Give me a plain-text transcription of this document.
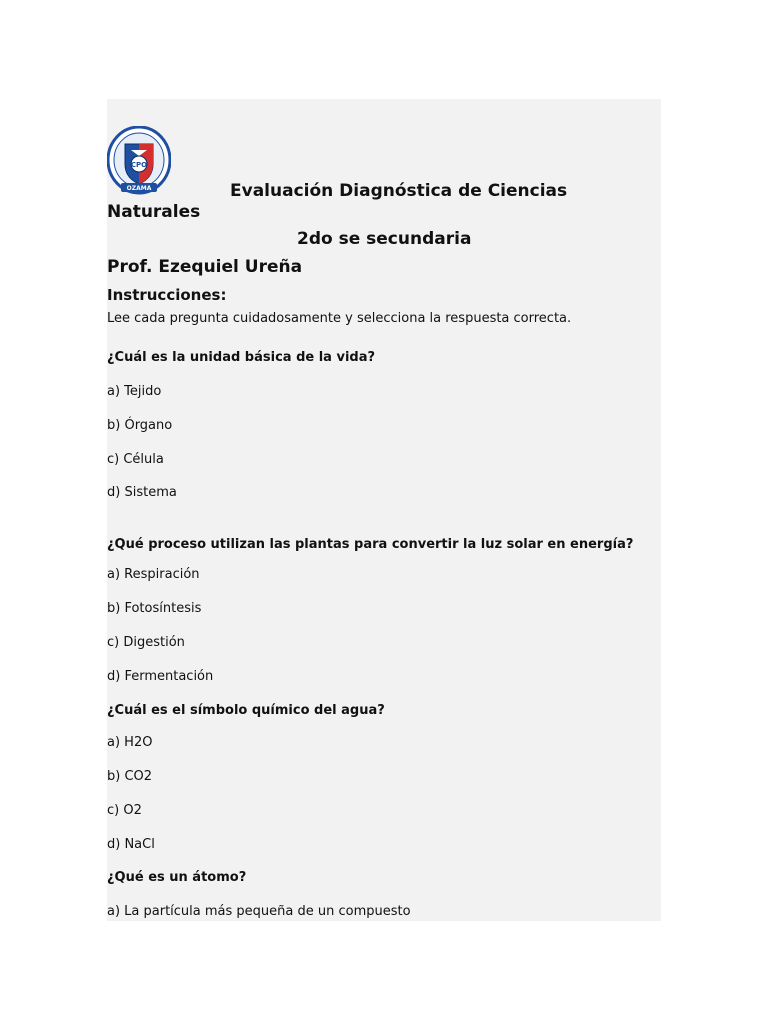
CPO
OZAMA	Evaluación Diagnóstica de Ciencias
Naturales
2do se secundaria
Prof. Ezequiel Ureña
Instrucciones:
Lee cada pregunta cuidadosamente y selecciona la respuesta correcta.
¿Cuál es la unidad básica de la vida?
a) Tejido
b) Órgano
c) Célula
d) Sistema
¿Qué proceso utilizan las plantas para convertir la luz solar en energía?
a) Respiración
b) Fotosíntesis
c) Digestión
d) Fermentación
¿Cuál es el símbolo químico del agua?
a) H2O
b) CO2
c) O2
d) NaCl
¿Qué es un átomo?
a) La partícula más pequeña de un compuesto
